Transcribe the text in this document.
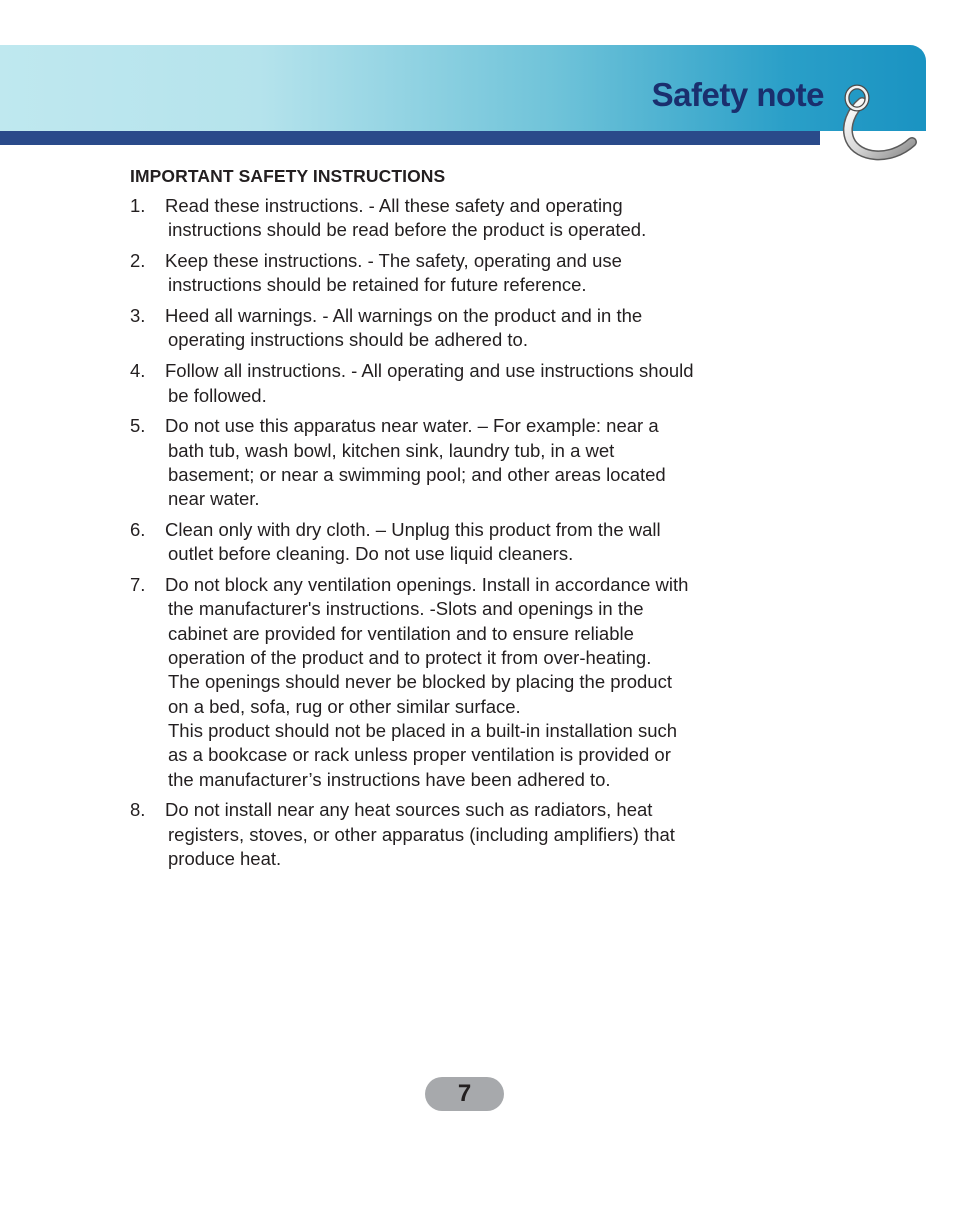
Safety note
IMPORTANT SAFETY INSTRUCTIONS
1. Read these instructions. - All these safety and operating
instructions should be read before the product is operated.
2. Keep these instructions. - The safety, operating and use
instructions should be retained for future reference.
3. Heed all warnings. - All warnings on the product and in the
operating instructions should be adhered to.
4. Follow all instructions. - All operating and use instructions should
be followed.
5. Do not use this apparatus near water. – For example: near a
bath tub, wash bowl, kitchen sink, laundry tub, in a wet
basement; or near a swimming pool; and other areas located
near water.
6. Clean only with dry cloth. – Unplug this product from the wall
outlet before cleaning. Do not use liquid cleaners.
7. Do not block any ventilation openings. Install in accordance with
the manufacturer's instructions. -Slots and openings in the
cabinet are provided for ventilation and to ensure reliable
operation of the product and to protect it from over-heating.
The openings should never be blocked by placing the product
on a bed, sofa, rug or other similar surface.
This product should not be placed in a built-in installation such
as a bookcase or rack unless proper ventilation is provided or
the manufacturer’s instructions have been adhered to.
8. Do not install near any heat sources such as radiators, heat
registers, stoves, or other apparatus (including amplifiers) that
produce heat.
7
